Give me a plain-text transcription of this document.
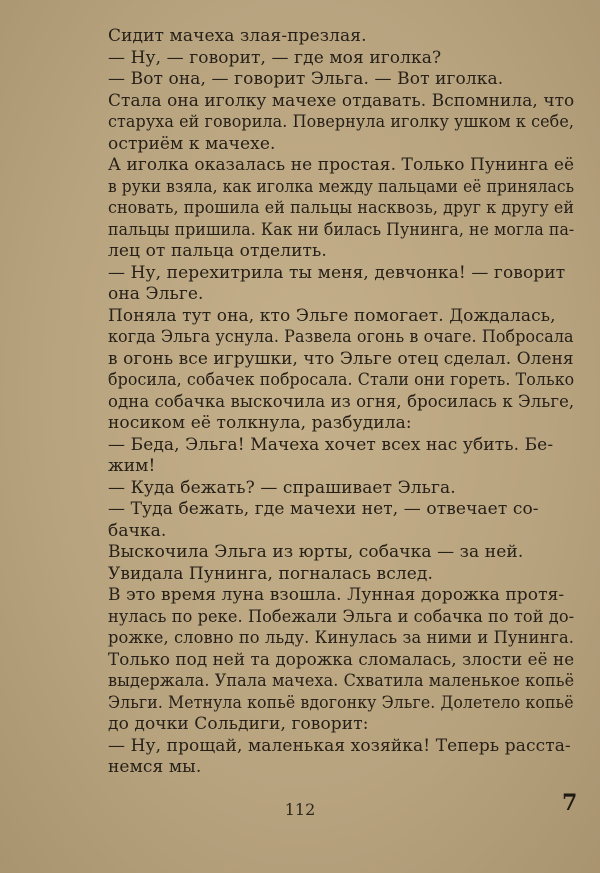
Сидит мачеха злая-презлая.
— Ну, — говорит, — где моя иголка?
— Вот она, — говорит Эльга. — Вот иголка.
Стала она иголку мачехе отдавать. Вспомнила, что
старуха ей говорила. Повернула иголку ушком к себе,
остриём к мачехе.
А иголка оказалась не простая. Только Пунинга её
в руки взяла, как иголка между пальцами её принялась
сновать, прошила ей пальцы насквозь, друг к другу ей
пальцы пришила. Как ни билась Пунинга, не могла па-
лец от пальца отделить.
— Ну, перехитрила ты меня, девчонка! — говорит
она Эльге.
Поняла тут она, кто Эльге помогает. Дождалась,
когда Эльга уснула. Развела огонь в очаге. Побросала
в огонь все игрушки, что Эльге отец сделал. Оленя
бросила, собачек побросала. Стали они гореть. Только
одна собачка выскочила из огня, бросилась к Эльге,
носиком её толкнула, разбудила:
— Беда, Эльга! Мачеха хочет всех нас убить. Бе-
жим!
— Куда бежать? — спрашивает Эльга.
— Туда бежать, где мачехи нет, — отвечает со-
бачка.
Выскочила Эльга из юрты, собачка — за ней.
Увидала Пунинга, погналась вслед.
В это время луна взошла. Лунная дорожка протя-
нулась по реке. Побежали Эльга и собачка по той до-
рожке, словно по льду. Кинулась за ними и Пунинга.
Только под ней та дорожка сломалась, злости её не
выдержала. Упала мачеха. Схватила маленькое копьё
Эльги. Метнула копьё вдогонку Эльге. Долетело копьё
до дочки Сольдиги, говорит:
— Ну, прощай, маленькая хозяйка! Теперь расста-
немся мы.
112	7
